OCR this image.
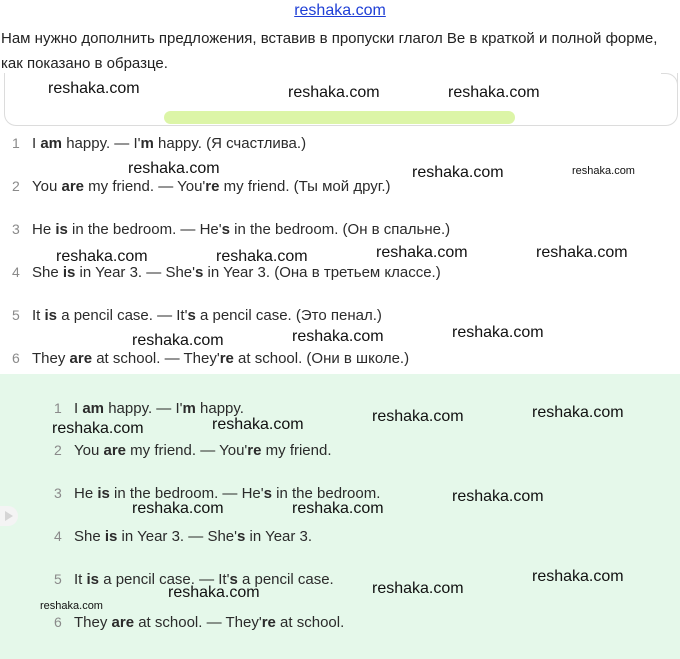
reshaka.com
Нам нужно дополнить предложения, вставив в пропуски глагол Be в краткой и полной форме, как показано в образце.
1 I am happy. — I'm happy. (Я счастлива.)
2 You are my friend. — You're my friend. (Ты мой друг.)
3 He is in the bedroom. — He's in the bedroom. (Он в спальне.)
4 She is in Year 3. — She's in Year 3. (Она в третьем классе.)
5 It is a pencil case. — It's a pencil case. (Это пенал.)
6 They are at school. — They're at school. (Они в школе.)
1 I am happy. — I'm happy.
2 You are my friend. — You're my friend.
3 He is in the bedroom. — He's in the bedroom.
4 She is in Year 3. — She's in Year 3.
5 It is a pencil case. — It's a pencil case.
6 They are at school. — They're at school.
reshaka.com	reshaka.com	reshaka.com
reshaka.com	reshaka.com	reshaka.com
reshaka.com	reshaka.com	reshaka.com	reshaka.com
reshaka.com	reshaka.com	reshaka.com
reshaka.com	reshaka.com	reshaka.com	reshaka.com
reshaka.com
reshaka.com	reshaka.com
reshaka.com
reshaka.com
reshaka.com
reshaka.com
